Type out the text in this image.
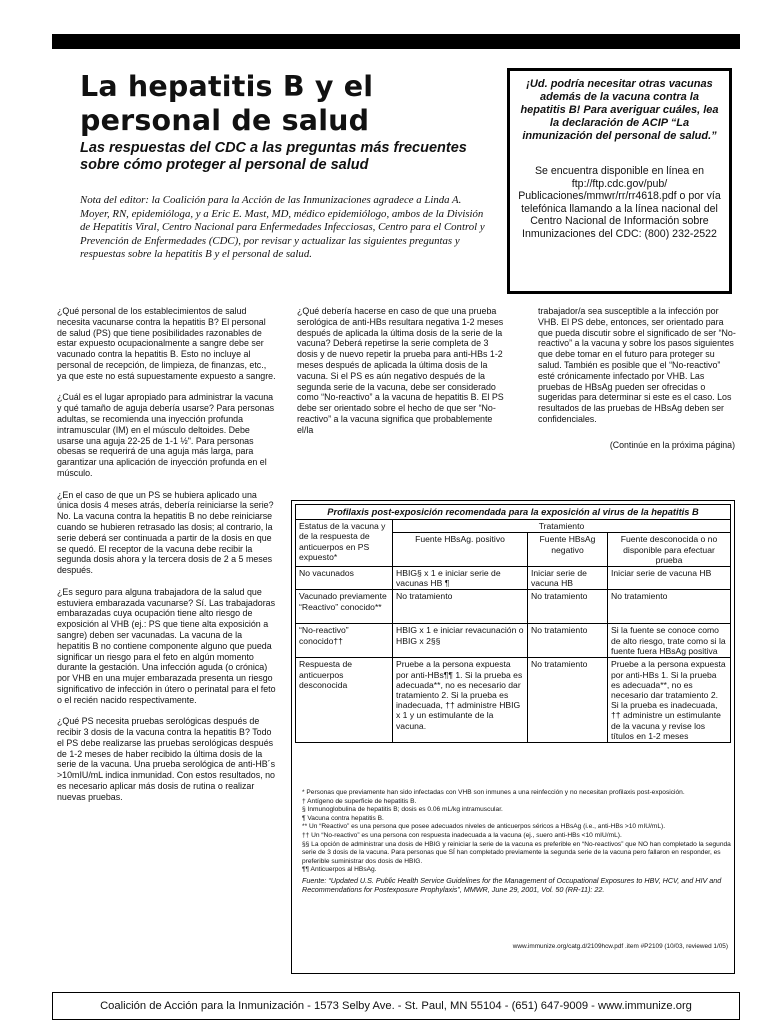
La hepatitis B y el personal de salud
Las respuestas del CDC a las preguntas más frecuentes sobre cómo proteger al personal de salud

Nota del editor: la Coalición para la Acción de las Inmunizaciones agradece a Linda A. Moyer, RN, epidemióloga, y a Eric E. Mast, MD, médico epidemiólogo, ambos de la División de Hepatitis Viral, Centro Nacional para Enfermedades Infecciosas, Centro para el Control y Prevención de Enfermedades (CDC), por revisar y actualizar las siguientes preguntas y respuestas sobre la hepatitis B y el personal de salud.

¡Ud. podría necesitar otras vacunas además de la vacuna contra la hepatitis B! Para averiguar cuáles, lea la declaración de ACIP “La inmunización del personal de salud.”

Se encuentra disponible en línea en ftp://ftp.cdc.gov/pub/ Publicaciones/mmwr/rr/rr4618.pdf o por vía telefónica llamando a la línea nacional del Centro Nacional de Información sobre Inmunizaciones del CDC: (800) 232-2522

¿Qué personal de los establecimientos de salud necesita vacunarse contra la hepatitis B? El personal de salud (PS) que tiene posibilidades razonables de estar expuesto ocupacionalmente a sangre debe ser vacunado contra la hepatitis B. Esto no incluye al personal de recepción, de limpieza, de finanzas, etc., ya que este no está supuestamente expuesto a sangre.

¿Cuál es el lugar apropiado para administrar la vacuna y qué tamaño de aguja debería usarse? Para personas adultas, se recomienda una inyección profunda intramuscular (IM) en el músculo deltoides. Debe usarse una aguja 22-25 de 1-1 ½". Para personas obesas se requerirá de una aguja más larga, para garantizar una aplicación de inyección profunda en el músculo.

¿En el caso de que un PS se hubiera aplicado una única dosis 4 meses atrás, debería reiniciarse la serie? No. La vacuna contra la hepatitis B no debe reiniciarse cuando se hubieren retrasado las dosis; al contrario, la serie deberá ser continuada a partir de la dosis en que se quedó. El receptor de la vacuna debe recibir la segunda dosis ahora y la tercera dosis de 2 a 5 meses después.

¿Es seguro para alguna trabajadora de la salud que estuviera embarazada vacunarse? Sí. Las trabajadoras embarazadas cuya ocupación tiene alto riesgo de exposición al VHB (ej.: PS que tiene alta exposición a sangre) deben ser vacunadas. La vacuna de la hepatitis B no contiene componente alguno que pueda significar un riesgo para el feto en algún momento durante la gestación. Una infección aguda (o crónica) por VHB en una mujer embarazada presenta un riesgo significativo de infección in útero o perinatal para el feto o el recién nacido respectivamente.

¿Qué PS necesita pruebas serológicas después de recibir 3 dosis de la vacuna contra la hepatitis B? Todo el PS debe realizarse las pruebas serológicas después de 1-2 meses de haber recibido la última dosis de la serie de la vacuna. Una prueba serológica de anti-HB´s >10mIU/mL indica inmunidad. Con estos resultados, no es necesario aplicar más dosis de rutina o realizar nuevas pruebas.

¿Qué debería hacerse en caso de que una prueba serológica de anti-HBs resultara negativa 1-2 meses después de aplicada la última dosis de la serie de la vacuna? Deberá repetirse la serie completa de 3 dosis y de nuevo repetir la prueba para anti-HBs 1-2 meses después de aplicada la última dosis de la vacuna. Si el PS es aún negativo después de la segunda serie de la vacuna, debe ser considerado como “No-reactivo” a la vacuna de hepatitis B. El PS debe ser orientado sobre el hecho de que ser “No-reactivo” a la vacuna significa que probablemente el/la

trabajador/a sea susceptible a la infección por VHB. El PS debe, entonces, ser orientado para que pueda discutir sobre el significado de ser “No-reactivo” a la vacuna y sobre los pasos siguientes que debe tomar en el futuro para proteger su salud. También es posible que el “No-reactivo” esté crónicamente infectado por VHB. Las pruebas de HBsAg pueden ser ofrecidas o sugeridas para determinar si este es el caso. Los resultados de las pruebas de HBsAg deben ser confidenciales.

(Continúe en la próxima página)
Profilaxis post-exposición recomendada para la exposición al virus de la hepatitis B			
Estatus de la vacuna y de la respuesta de anticuerpos en PS expuesto*	Tratamiento		
	Fuente HBsAg. positivo	Fuente HBsAg negativo	Fuente desconocida o no disponible para efectuar prueba
No vacunados	HBIG§ x 1 e iniciar serie de vacunas HB ¶	Iniciar serie de vacuna HB	Iniciar serie de vacuna HB
Vacunado previamente “Reactivo” conocido**	No tratamiento	No tratamiento	No tratamiento
“No-reactivo” conocido††	HBIG x 1 e iniciar revacunación o HBIG x 2§§	No tratamiento	Si la fuente se conoce como de alto riesgo, trate como si la fuente fuera HBsAg positiva
Respuesta de anticuerpos desconocida	Pruebe a la persona expuesta por anti-HBs¶¶ 1. Si la prueba es adecuada**, no es necesario dar tratamiento 2. Si la prueba es inadecuada, †† administre HBIG x 1 y un estimulante de la vacuna.	No tratamiento	Pruebe a la persona expuesta por anti-HBs 1. Si la prueba es adecuada**, no es necesario dar tratamiento 2. Si la prueba es inadecuada, †† administre un estimulante de la vacuna y revise los títulos en 1-2 meses

* Personas que previamente han sido infectadas con VHB son inmunes a una reinfección y no necesitan profilaxis post-exposición.

† Antígeno de superficie de hepatitis B.

§ Inmunoglobulina de hepatitis B; dosis es 0.06 mL/kg intramuscular.

¶ Vacuna contra hepatitis B.

** Un “Reactivo” es una persona que posee adecuados niveles de anticuerpos séricos a HBsAg (i.e., anti-HBs >10 mIU/mL).

†† Un “No-reactivo” es una persona con respuesta inadecuada a la vacuna (ej., suero anti-HBs <10 mIU/mL).

§§ La opción de administrar una dosis de HBIG y reiniciar la serie de la vacuna es preferible en “No-reactivos” que NO han completado la segunda serie de 3 dosis de la vacuna. Para personas que SÍ han completado previamente la segunda serie de la vacuna pero fallaron en responder, es preferible suministrar dos dosis de HBIG.

¶¶ Anticuerpos al HBsAg.

Fuente: “Updated U.S. Public Health Service Guidelines for the Management of Occupational Exposures to HBV, HCV, and HIV and Recommendations for Postexposure Prophylaxis”, MMWR, June 29, 2001, Vol. 50 (RR-11): 22.

www.immunize.org/catg.d/2109hcw.pdf .item #P2109 (10/03, reviewed 1/05)

Coalición de Acción para la Inmunización - 1573 Selby Ave. - St. Paul, MN 55104 - (651) 647-9009 - www.immunize.org
